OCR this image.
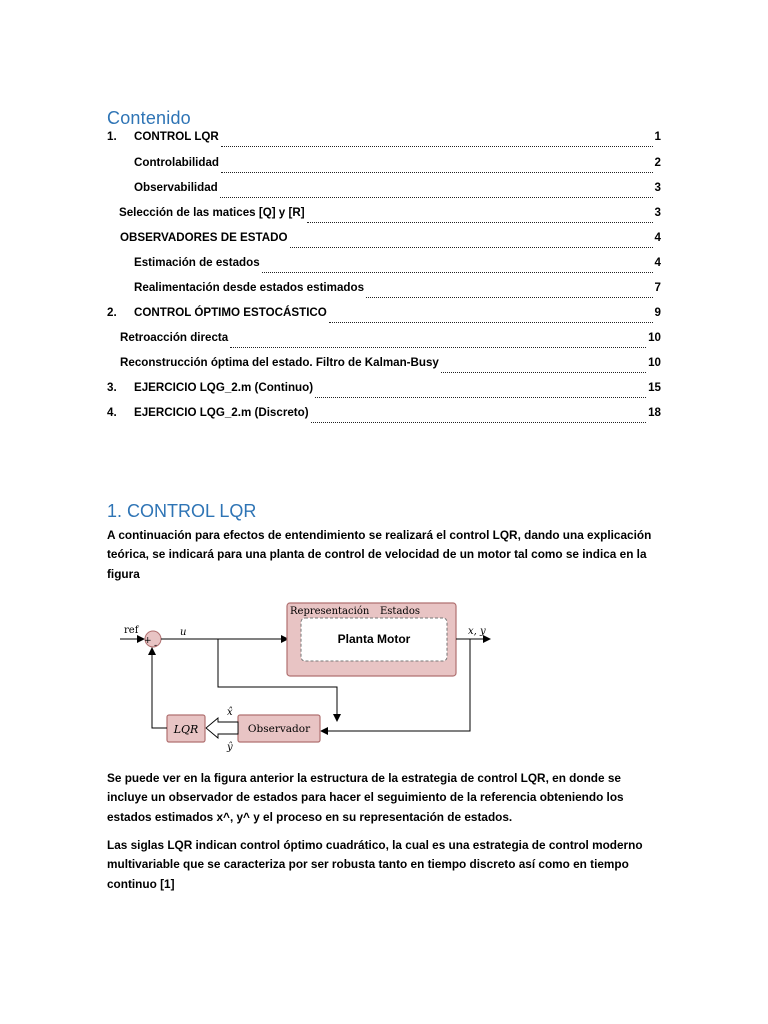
Contenido
1.	CONTROL LQR	1
Controlabilidad	2
Observabilidad	3
Selección de las matices [Q] y [R]	3
OBSERVADORES DE ESTADO	4
Estimación de estados	4
Realimentación desde estados estimados	7
2.	CONTROL ÓPTIMO ESTOCÁSTICO	9
Retroacción directa	10
Reconstrucción óptima del estado. Filtro de Kalman-Busy	10
3.	EJERCICIO LQG_2.m (Continuo)	15
4.	EJERCICIO LQG_2.m (Discreto)	18
1. CONTROL LQR

A continuación para efectos de entendimiento se realizará el control LQR, dando una explicación teórica, se indicará para una planta de control de velocidad de un motor tal como se indica en la figura

ref
+ -
u
Representación Estados
Planta Motor
x, y
Observador
x̂
ŷ
LQR

Se puede ver en la figura anterior la estructura de la estrategia de control LQR, en donde se incluye un observador de estados para hacer el seguimiento de la referencia obteniendo los estados estimados x^, y^ y el proceso en su representación de estados.

Las siglas LQR indican control óptimo cuadrático, la cual es una estrategia de control moderno multivariable que se caracteriza por ser robusta tanto en tiempo discreto así como en tiempo continuo [1]
